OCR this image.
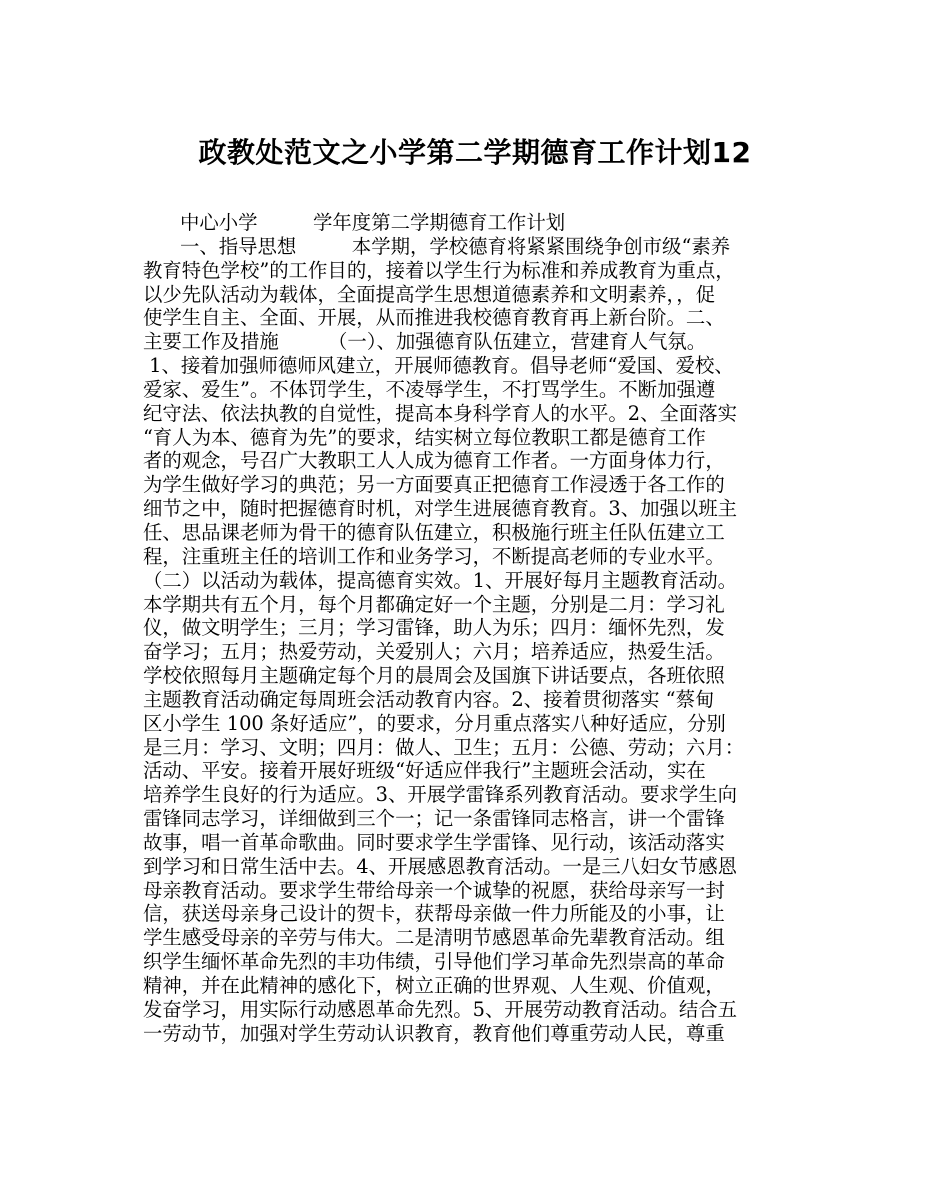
政教处范文之小学第二学期德育工作计划12
中心小学         学年度第二学期德育工作计划
一、指导思想         本学期，学校德育将紧紧围绕争创市级“素养
教育特色学校”的工作目的，接着以学生行为标准和养成教育为重点，
以少先队活动为载体，全面提高学生思想道德素养和文明素养，，促
使学生自主、全面、开展，从而推进我校德育教育再上新台阶。二、
主要工作及措施        （一）、加强德育队伍建立，营建育人气氛。
1、接着加强师德师风建立，开展师德教育。倡导老师“爱国、爱校、
爱家、爱生”。不体罚学生，不凌辱学生，不打骂学生。不断加强遵
纪守法、依法执教的自觉性，提高本身科学育人的水平。2、全面落实
“育人为本、德育为先”的要求，结实树立每位教职工都是德育工作
者的观念，号召广大教职工人人成为德育工作者。一方面身体力行，
为学生做好学习的典范；另一方面要真正把德育工作浸透于各工作的
细节之中，随时把握德育时机，对学生进展德育教育。3、加强以班主
任、思品课老师为骨干的德育队伍建立，积极施行班主任队伍建立工
程，注重班主任的培训工作和业务学习，不断提高老师的专业水平。
（二）以活动为载体，提高德育实效。1、开展好每月主题教育活动。
本学期共有五个月，每个月都确定好一个主题，分别是二月：学习礼
仪，做文明学生；三月；学习雷锋，助人为乐；四月：缅怀先烈，发
奋学习；五月；热爱劳动，关爱别人；六月；培养适应，热爱生活。
学校依照每月主题确定每个月的晨周会及国旗下讲话要点，各班依照
主题教育活动确定每周班会活动教育内容。2、接着贯彻落实 “蔡甸
区小学生 100 条好适应”，的要求，分月重点落实八种好适应，分别
是三月：学习、文明；四月：做人、卫生；五月：公德、劳动；六月：
活动、平安。接着开展好班级“好适应伴我行”主题班会活动，实在
培养学生良好的行为适应。3、开展学雷锋系列教育活动。要求学生向
雷锋同志学习，详细做到三个一；记一条雷锋同志格言，讲一个雷锋
故事，唱一首革命歌曲。同时要求学生学雷锋、见行动，该活动落实
到学习和日常生活中去。4、开展感恩教育活动。一是三八妇女节感恩
母亲教育活动。要求学生带给母亲一个诚挚的祝愿，获给母亲写一封
信，获送母亲身己设计的贺卡，获帮母亲做一件力所能及的小事，让
学生感受母亲的辛劳与伟大。二是清明节感恩革命先辈教育活动。组
织学生缅怀革命先烈的丰功伟绩，引导他们学习革命先烈崇高的革命
精神，并在此精神的感化下，树立正确的世界观、人生观、价值观，
发奋学习，用实际行动感恩革命先烈。5、开展劳动教育活动。结合五
一劳动节，加强对学生劳动认识教育，教育他们尊重劳动人民，尊重
